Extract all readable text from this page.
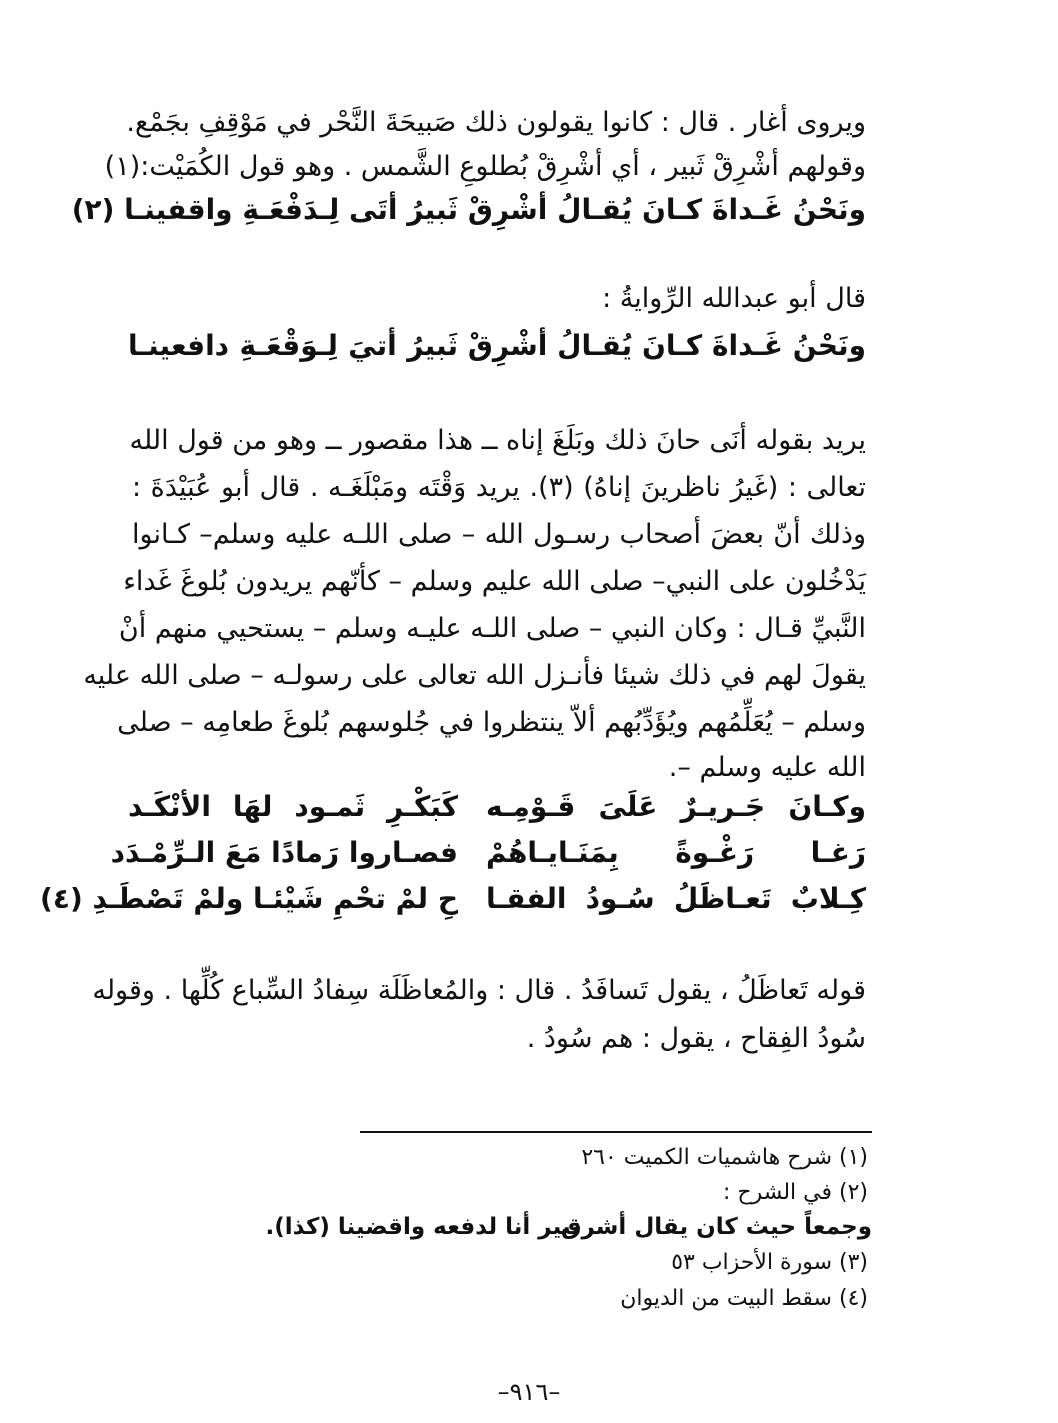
ويروى أغار . قال : كانوا يقولون ذلك صَبيحَةَ النَّحْر في مَوْقِفِ بجَمْع.
وقولهم أشْرِقْ ثَبير ، أي أشْرِقْ بُطلوعِ الشَّمس . وهو قول الكُمَيْت:(١)
ونَحْنُ غَـداةَ كـانَ يُقـالُ أشْرِقْ
ثَبيرُ أتَى لِـدَفْعَـةِ واقفينـا (٢)
قال أبو عبدالله الرِّوايةُ :
ونَحْنُ غَـداةَ كـانَ يُقـالُ أشْرِقْ
ثَبيرُ أتيَ لِـوَقْعَـةِ دافعينـا
يريد بقوله أنَى حانَ ذلك وبَلَغَ إناه ــ هذا مقصور ــ وهو من قول الله
تعالى : (غَيرُ ناظرينَ إناهُ) (٣). يريد وَقْتَه ومَبْلَغَـه . قال أبو عُبَيْدَةَ :
وذلك أنّ بعضَ أصحاب رسـول الله – صلى اللـه عليه وسلم– كـانوا
يَدْخُلون على النبي– صلى الله عليم وسلم – كأنّهم يريدون بُلوغَ غَداء
النَّبيِّ قـال : وكان النبي – صلى اللـه عليـه وسلم – يستحيي منهم أنْ
يقولَ لهم في ذلك شيئا فأنـزل الله تعالى على رسولـه – صلى الله عليه
وسلم – يُعَلِّمُهم ويُؤَدِّبُهم ألاّ ينتظروا في جُلوسهم بُلوغَ طعامِه – صلى
الله عليه وسلم –.
وكـانَ جَـريـرٌ عَلَىَ قَـوْمِـه
كَبَكْـرِ ثَمـود لهَا الأنْكَـد
رَغـا رَغْـوةً بِمَنَـايـاهُمْ
فصـاروا رَمادًا مَعَ الـرِّمْـدَد
كِـلابٌ تَعـاظَلُ سُـودُ الفقـا
حِ لمْ تحْمِ شَيْئـا ولمْ تَصْطَـدِ (٤)
قوله تَعاظَلُ ، يقول تَسافَدُ . قال : والمُعاظَلَة سِفادُ السِّباع كُلِّها . وقوله
سُودُ الفِقاح ، يقول : هم سُودُ .
(١) شرح هاشميات الكميت ٢٦٠
(٢) في الشرح :
وجمعاً حيث كان يقال أشرق
ثبير أنا لدفعه واقضينا (كذا).
(٣) سورة الأحزاب ٥٣
(٤) سقط البيت من الديوان
–٩١٦–
